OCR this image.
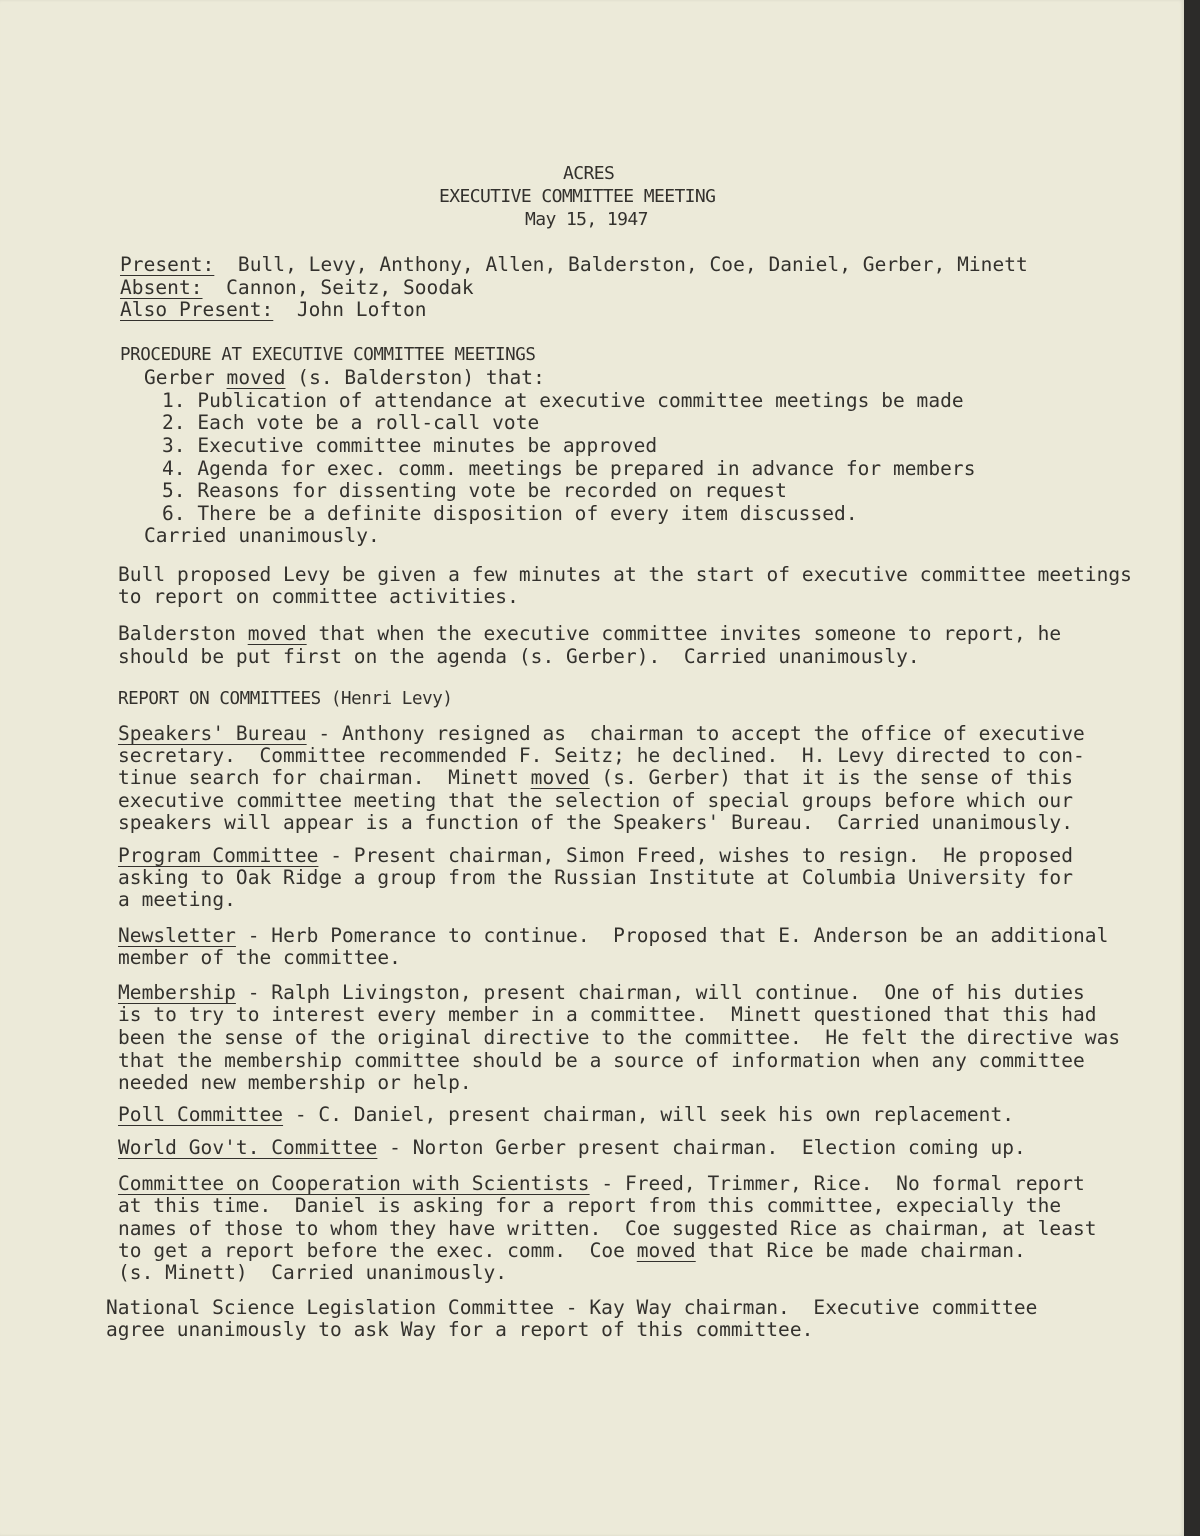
ACRES
EXECUTIVE COMMITTEE MEETING
May 15, 1947
Present:  Bull, Levy, Anthony, Allen, Balderston, Coe, Daniel, Gerber, Minett
Absent:  Cannon, Seitz, Soodak
Also Present:  John Lofton
PROCEDURE AT EXECUTIVE COMMITTEE MEETINGS
Gerber moved (s. Balderston) that:
1. Publication of attendance at executive committee meetings be made
2. Each vote be a roll-call vote
3. Executive committee minutes be approved
4. Agenda for exec. comm. meetings be prepared in advance for members
5. Reasons for dissenting vote be recorded on request
6. There be a definite disposition of every item discussed.
Carried unanimously.
Bull proposed Levy be given a few minutes at the start of executive committee meetings
to report on committee activities.
Balderston moved that when the executive committee invites someone to report, he
should be put first on the agenda (s. Gerber).  Carried unanimously.
REPORT ON COMMITTEES (Henri Levy)
Speakers' Bureau - Anthony resigned as  chairman to accept the office of executive
secretary.  Committee recommended F. Seitz; he declined.  H. Levy directed to con-
tinue search for chairman.  Minett moved (s. Gerber) that it is the sense of this
executive committee meeting that the selection of special groups before which our
speakers will appear is a function of the Speakers' Bureau.  Carried unanimously.
Program Committee - Present chairman, Simon Freed, wishes to resign.  He proposed
asking to Oak Ridge a group from the Russian Institute at Columbia University for
a meeting.
Newsletter - Herb Pomerance to continue.  Proposed that E. Anderson be an additional
member of the committee.
Membership - Ralph Livingston, present chairman, will continue.  One of his duties
is to try to interest every member in a committee.  Minett questioned that this had
been the sense of the original directive to the committee.  He felt the directive was
that the membership committee should be a source of information when any committee
needed new membership or help.
Poll Committee - C. Daniel, present chairman, will seek his own replacement.
World Gov't. Committee - Norton Gerber present chairman.  Election coming up.
Committee on Cooperation with Scientists - Freed, Trimmer, Rice.  No formal report
at this time.  Daniel is asking for a report from this committee, expecially the
names of those to whom they have written.  Coe suggested Rice as chairman, at least
to get a report before the exec. comm.  Coe moved that Rice be made chairman.
(s. Minett)  Carried unanimously.
National Science Legislation Committee - Kay Way chairman.  Executive committee
agree unanimously to ask Way for a report of this committee.
